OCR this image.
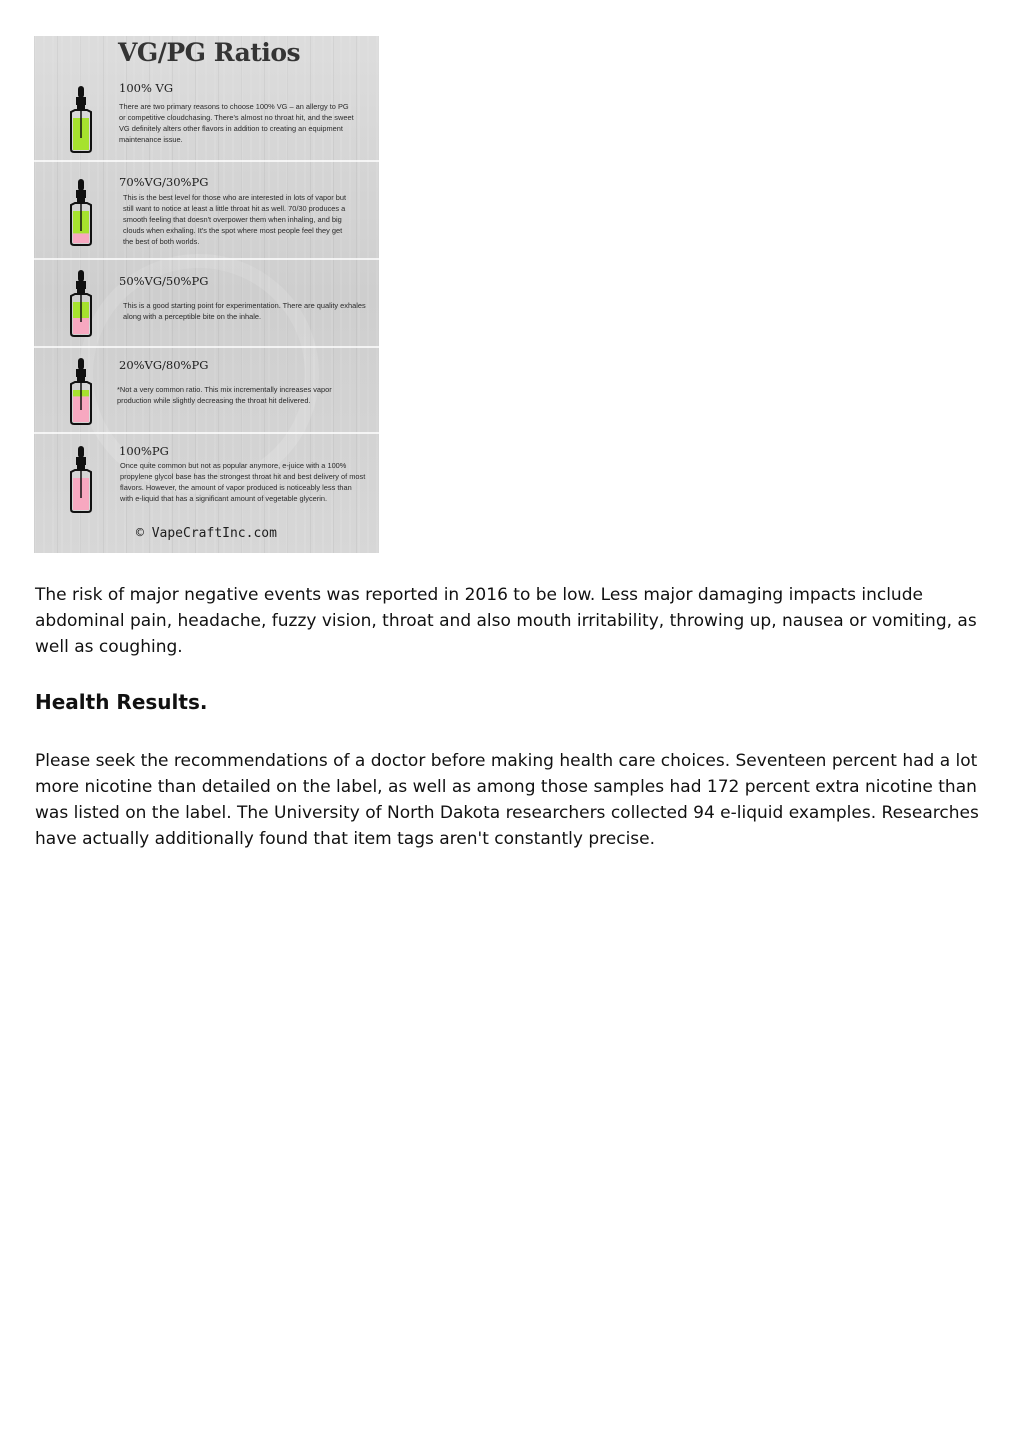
VG/PG Ratios

100% VG

There are two primary reasons to choose 100% VG – an allergy to PG or competitive cloudchasing. There's almost no throat hit, and the sweet VG definitely alters other flavors in addition to creating an equipment maintenance issue.

70%VG/30%PG

This is the best level for those who are interested in lots of vapor but still want to notice at least a little throat hit as well. 70/30 produces a smooth feeling that doesn't overpower them when inhaling, and big clouds when exhaling. It's the spot where most people feel they get the best of both worlds.

50%VG/50%PG

This is a good starting point for experimentation. There are quality exhales along with a perceptible bite on the inhale.

20%VG/80%PG

*Not a very common ratio. This mix incrementally increases vapor production while slightly decreasing the throat hit delivered.

100%PG

Once quite common but not as popular anymore, e-juice with a 100% propylene glycol base has the strongest throat hit and best delivery of most flavors. However, the amount of vapor produced is noticeably less than with e-liquid that has a significant amount of vegetable glycerin.

© VapeCraftInc.com

The risk of major negative events was reported in 2016 to be low. Less major damaging impacts include abdominal pain, headache, fuzzy vision, throat and also mouth irritability, throwing up, nausea or vomiting, as well as coughing.

Health Results.

Please seek the recommendations of a doctor before making health care choices. Seventeen percent had a lot more nicotine than detailed on the label, as well as among those samples had 172 percent extra nicotine than was listed on the label. The University of North Dakota researchers collected 94 e-liquid examples. Researches have actually additionally found that item tags aren't constantly precise.
